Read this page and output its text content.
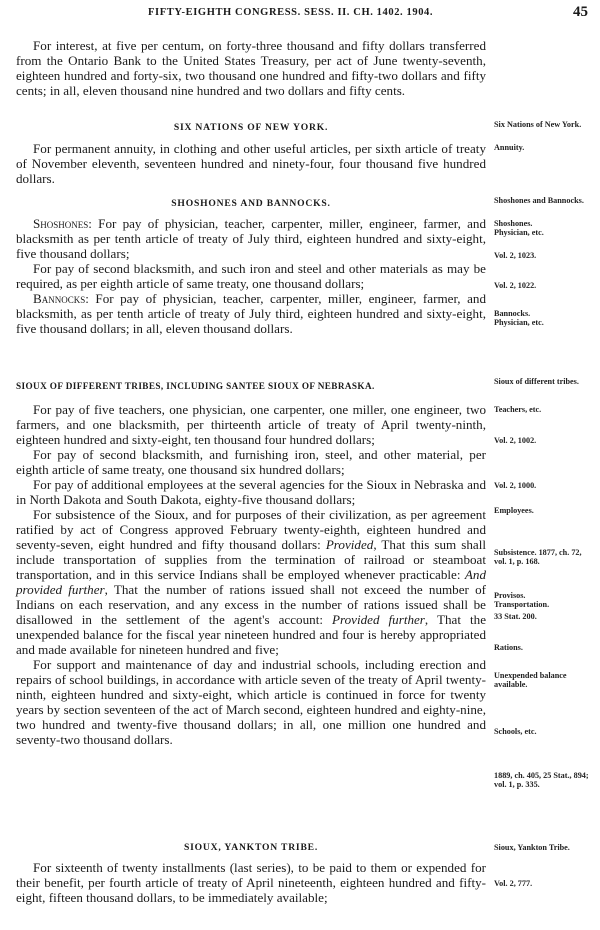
FIFTY-EIGHTH CONGRESS. SESS. II. CH. 1402. 1904.	45

For interest, at five per centum, on forty-three thousand and fifty dollars transferred from the Ontario Bank to the United States Treasury, per act of June twenty-seventh, eighteen hundred and forty-six, two thousand one hundred and fifty-two dollars and fifty cents; in all, eleven thousand nine hundred and two dollars and fifty cents.

SIX NATIONS OF NEW YORK.

For permanent annuity, in clothing and other useful articles, per sixth article of treaty of November eleventh, seventeen hundred and ninety-four, four thousand five hundred dollars.

SHOSHONES AND BANNOCKS.

Shoshones: For pay of physician, teacher, carpenter, miller, engineer, farmer, and blacksmith as per tenth article of treaty of July third, eighteen hundred and sixty-eight, five thousand dollars;

For pay of second blacksmith, and such iron and steel and other materials as may be required, as per eighth article of same treaty, one thousand dollars;

Bannocks: For pay of physician, teacher, carpenter, miller, engineer, farmer, and blacksmith, as per tenth article of treaty of July third, eighteen hundred and sixty-eight, five thousand dollars; in all, eleven thousand dollars.

SIOUX OF DIFFERENT TRIBES, INCLUDING SANTEE SIOUX OF NEBRASKA.

For pay of five teachers, one physician, one carpenter, one miller, one engineer, two farmers, and one blacksmith, per thirteenth article of treaty of April twenty-ninth, eighteen hundred and sixty-eight, ten thousand four hundred dollars;

For pay of second blacksmith, and furnishing iron, steel, and other material, per eighth article of same treaty, one thousand six hundred dollars;

For pay of additional employees at the several agencies for the Sioux in Nebraska and in North Dakota and South Dakota, eighty-five thousand dollars;

For subsistence of the Sioux, and for purposes of their civilization, as per agreement ratified by act of Congress approved February twenty-eighth, eighteen hundred and seventy-seven, eight hundred and fifty thousand dollars: Provided, That this sum shall include transportation of supplies from the termination of railroad or steamboat transportation, and in this service Indians shall be employed whenever practicable: And provided further, That the number of rations issued shall not exceed the number of Indians on each reservation, and any excess in the number of rations issued shall be disallowed in the settlement of the agent's account: Provided further, That the unexpended balance for the fiscal year nineteen hundred and four is hereby appropriated and made available for nineteen hundred and five;

For support and maintenance of day and industrial schools, including erection and repairs of school buildings, in accordance with article seven of the treaty of April twenty-ninth, eighteen hundred and sixty-eight, which article is continued in force for twenty years by section seventeen of the act of March second, eighteen hundred and eighty-nine, two hundred and twenty-five thousand dollars; in all, one million one hundred and seventy-two thousand dollars.

SIOUX, YANKTON TRIBE.

For sixteenth of twenty installments (last series), to be paid to them or expended for their benefit, per fourth article of treaty of April nineteenth, eighteen hundred and fifty-eight, fifteen thousand dollars, to be immediately available;

Six Nations of New York.
Annuity.
Shoshones and Bannocks.
Shoshones. Physician, etc.
Vol. 2, 1023.
Vol. 2, 1022.
Bannocks. Physician, etc.
Sioux of different tribes.
Teachers, etc.
Vol. 2, 1002.
Vol. 2, 1000.
Employees.
Subsistence. 1877, ch. 72, vol. 1, p. 168.
Provisos. Transportation.
33 Stat. 200.
Rations.
Unexpended balance available.
Schools, etc.
1889, ch. 405, 25 Stat., 894; vol. 1, p. 335.
Sioux, Yankton Tribe.
Vol. 2, 777.
